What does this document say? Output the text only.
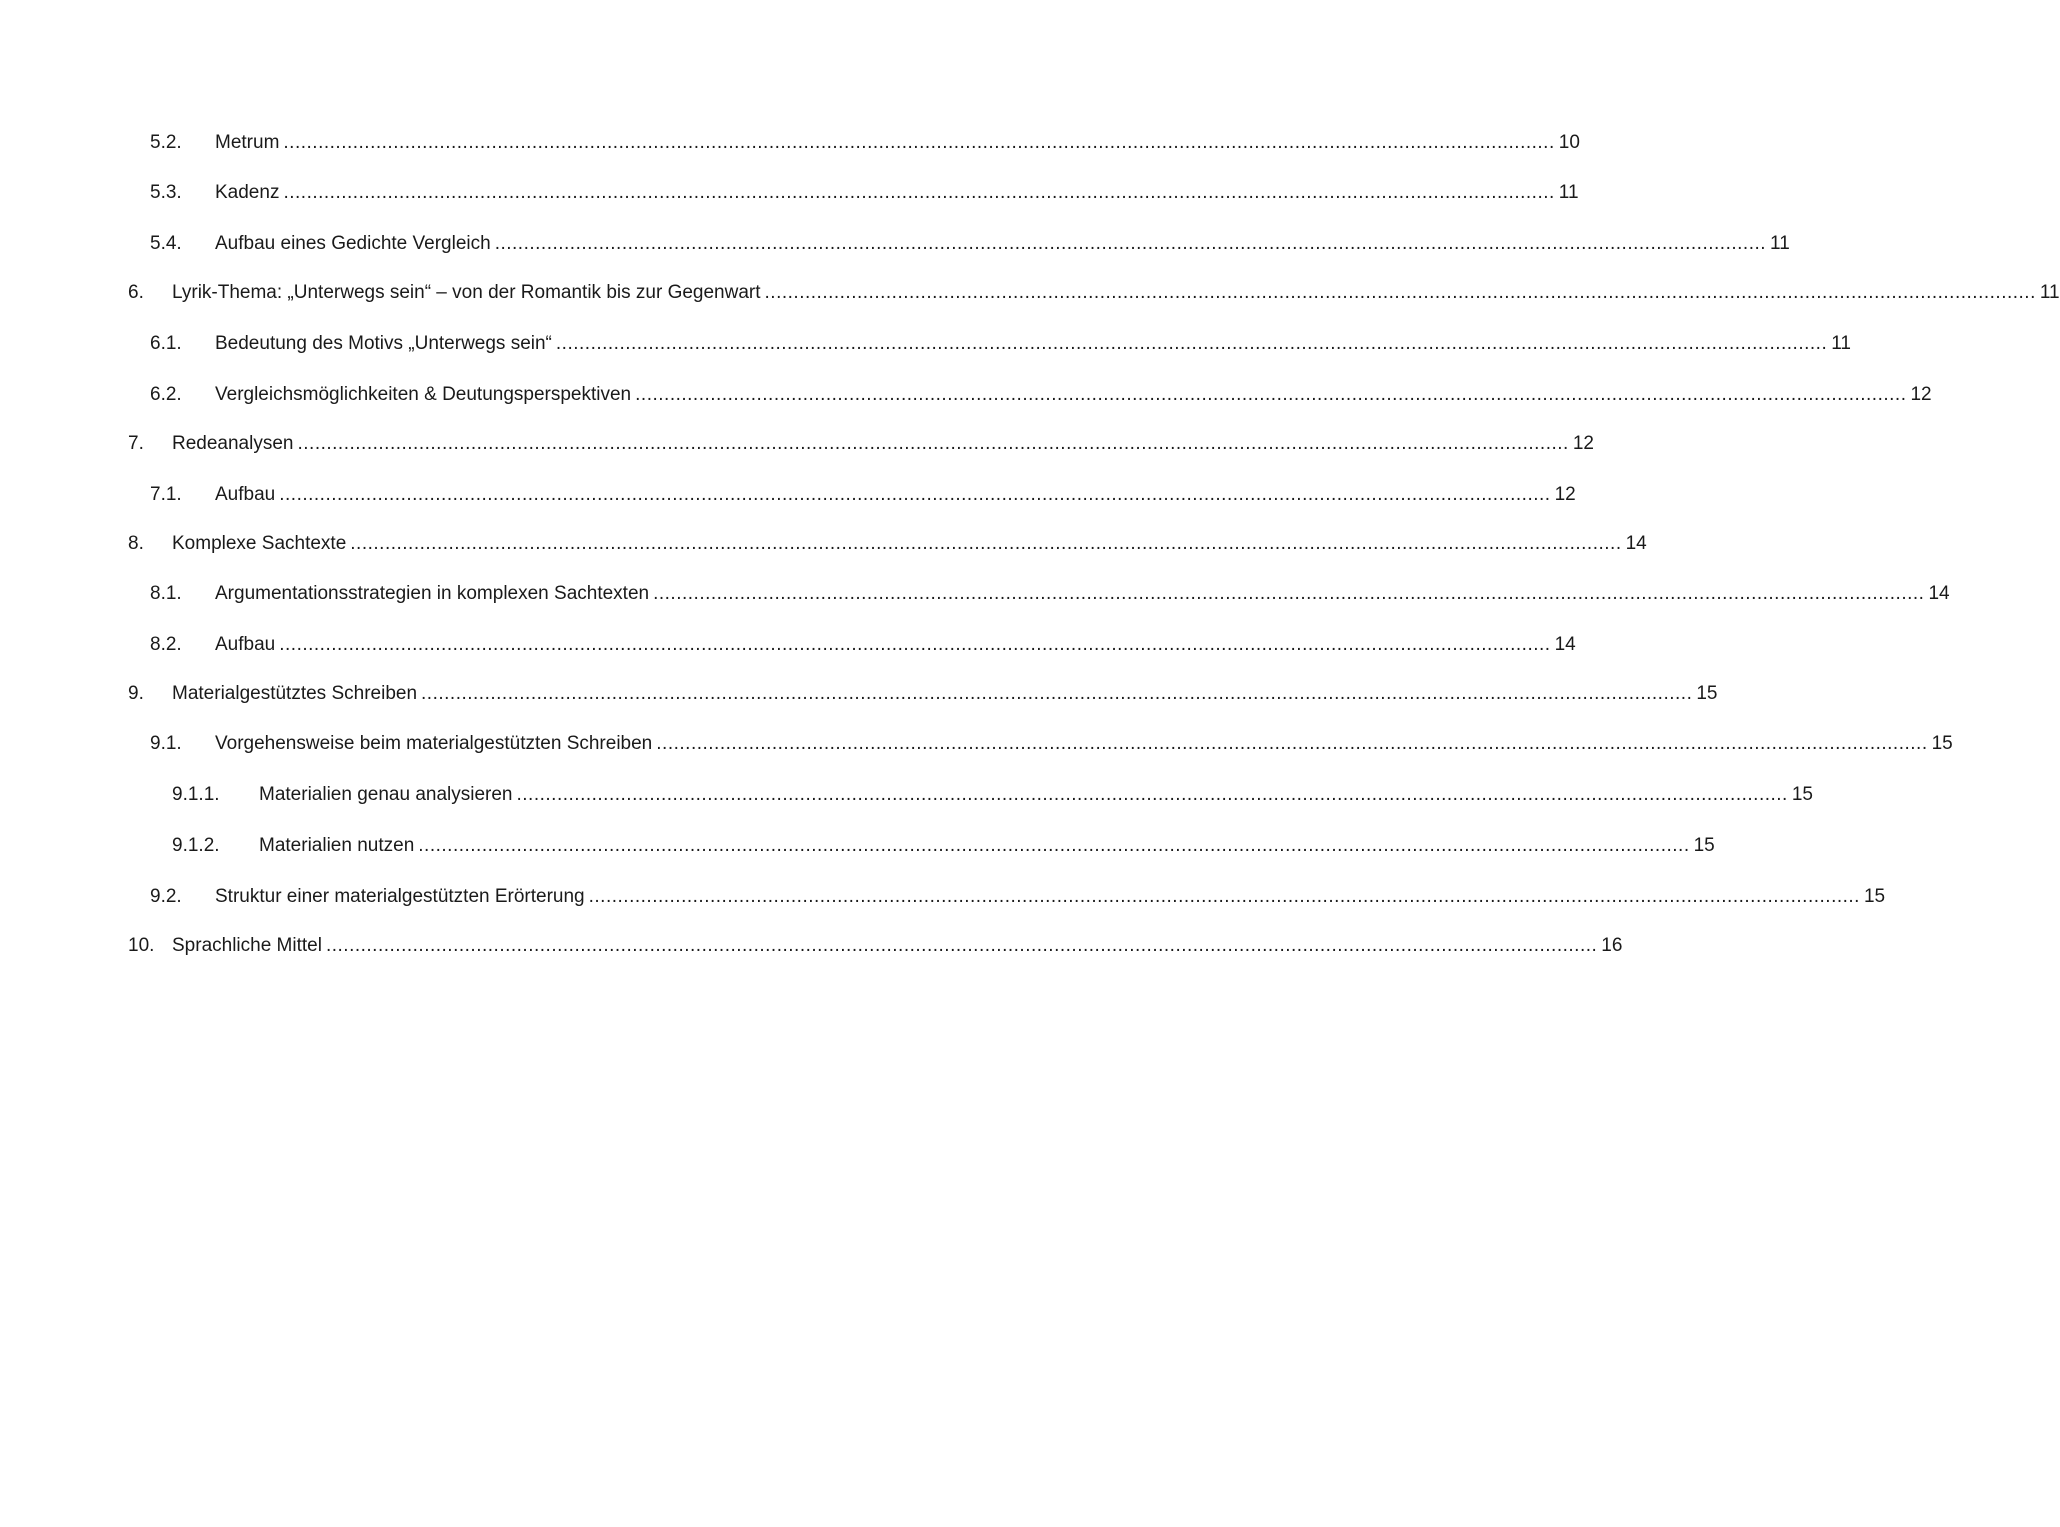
5.2.	Metrum ............................................................................................................................................................................................................................ 10
5.3.	Kadenz ............................................................................................................................................................................................................................ 11
5.4.	Aufbau eines Gedichte Vergleich ............................................................................................................................................................................................................................ 11
6.	Lyrik-Thema: „Unterwegs sein“ – von der Romantik bis zur Gegenwart ............................................................................................................................................................................................................................ 11
6.1.	Bedeutung des Motivs „Unterwegs sein“ ............................................................................................................................................................................................................................ 11
6.2.	Vergleichsmöglichkeiten & Deutungsperspektiven ............................................................................................................................................................................................................................ 12
7.	Redeanalysen ............................................................................................................................................................................................................................ 12
7.1.	Aufbau ............................................................................................................................................................................................................................ 12
8.	Komplexe Sachtexte ............................................................................................................................................................................................................................ 14
8.1.	Argumentationsstrategien in komplexen Sachtexten ............................................................................................................................................................................................................................ 14
8.2.	Aufbau ............................................................................................................................................................................................................................ 14
9.	Materialgestütztes Schreiben ............................................................................................................................................................................................................................ 15
9.1.	Vorgehensweise beim materialgestützten Schreiben ............................................................................................................................................................................................................................ 15
9.1.1.	Materialien genau analysieren ............................................................................................................................................................................................................................ 15
9.1.2.	Materialien nutzen ............................................................................................................................................................................................................................ 15
9.2.	Struktur einer materialgestützten Erörterung ............................................................................................................................................................................................................................ 15
10. Sprachliche Mittel ............................................................................................................................................................................................................................ 16
